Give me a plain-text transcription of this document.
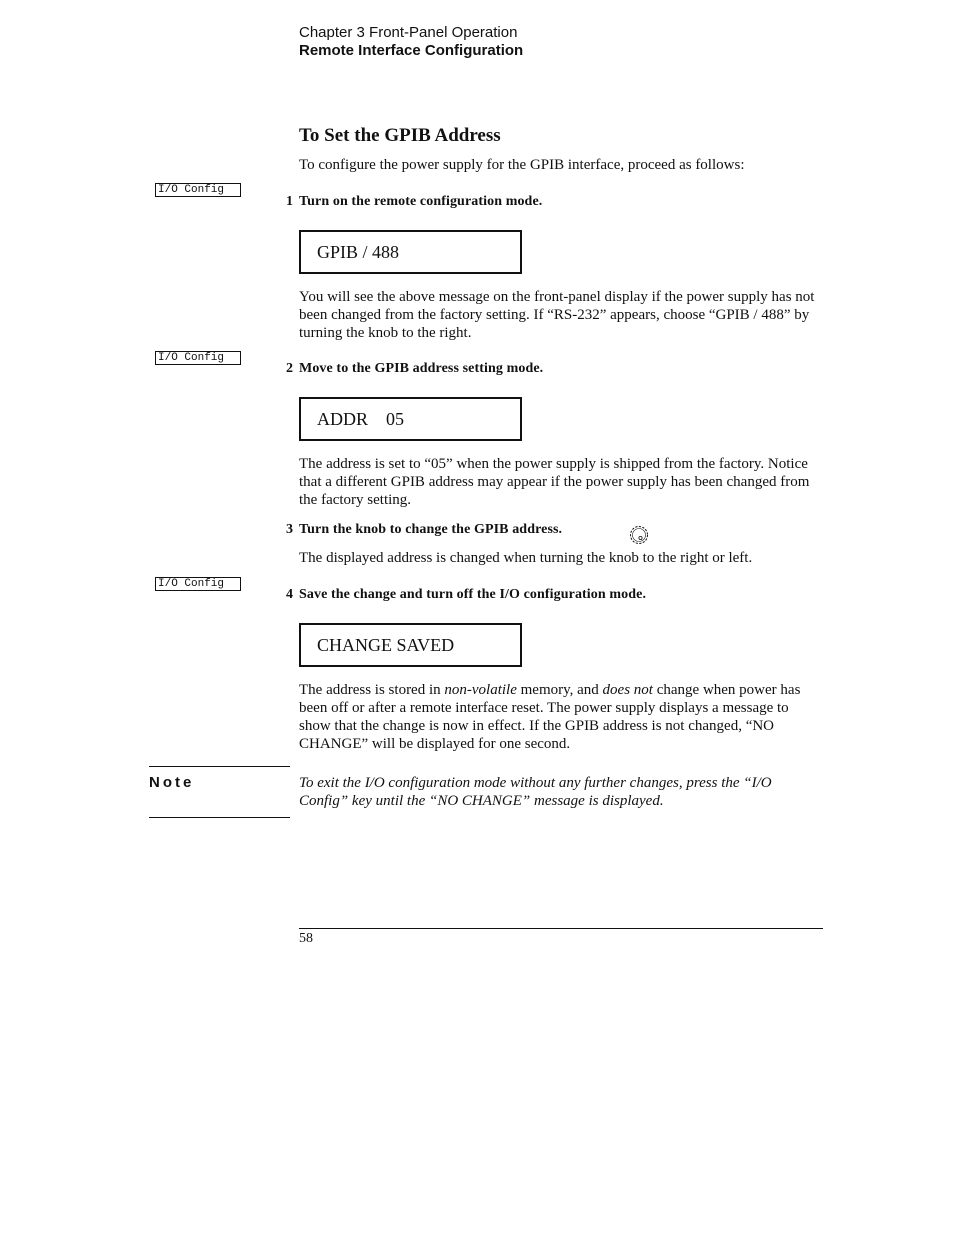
Chapter 3 Front-Panel Operation
Remote Interface Configuration
To Set the GPIB Address
To configure the power supply for the GPIB interface, proceed as follows:
I/O Config
1 Turn on the remote configuration mode.
GPIB / 488
You will see the above message on the front-panel display if the power supply has not been changed from the factory setting. If “RS-232” appears, choose “GPIB / 488” by turning the knob to the right.
I/O Config
2 Move to the GPIB address setting mode.
ADDR    05
The address is set to “05” when the power supply is shipped from the factory. Notice that a different GPIB address may appear if the power supply has been changed from the factory setting.
3 Turn the knob to change the GPIB address.
The displayed address is changed when turning the knob to the right or left.
I/O Config
4 Save the change and turn off the I/O configuration mode.
CHANGE SAVED
The address is stored in non-volatile memory, and does not change when power has been off or after a remote interface reset. The power supply displays a message to show that the change is now in effect. If the GPIB address is not changed, “NO CHANGE” will be displayed for one second.
Note	To exit the I/O configuration mode without any further changes, press the “I/O Config” key until the “NO CHANGE” message is displayed.
58
